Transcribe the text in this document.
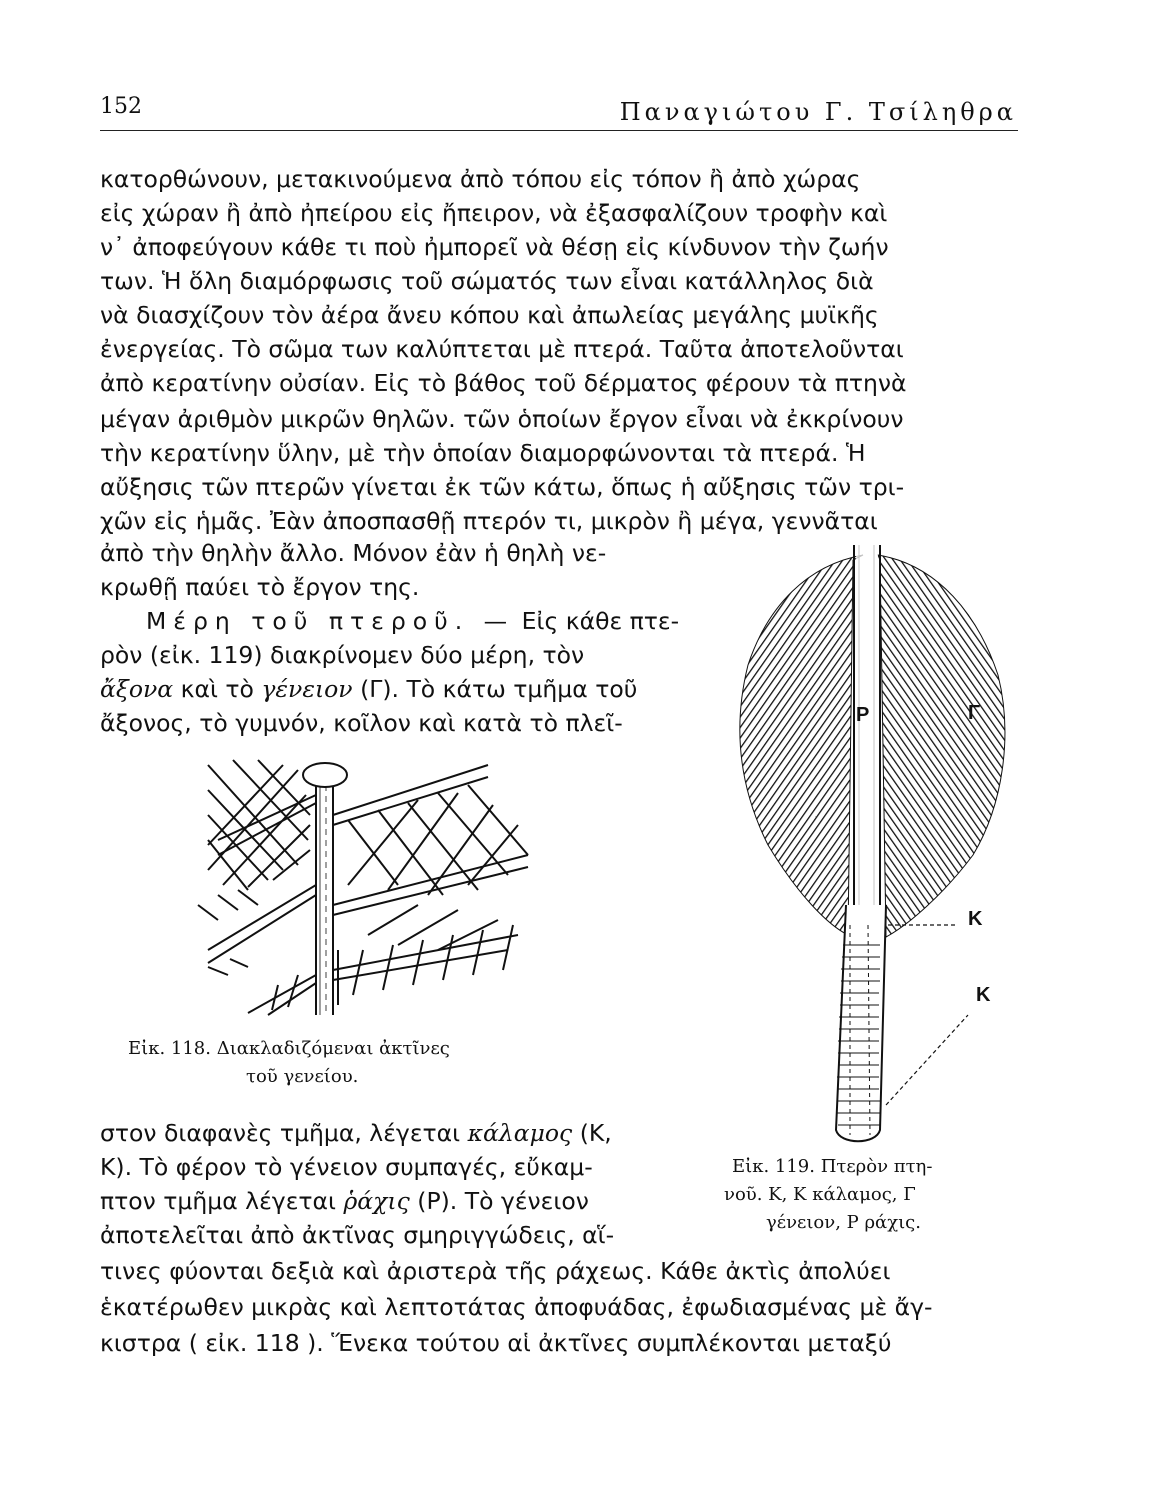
152	Παναγιώτου Γ. Τσίληθρα
κατορθώνουν, μετακινούμενα ἀπὸ τόπου εἰς τόπον ἢ ἀπὸ χώρας
εἰς χώραν ἢ ἀπὸ ἠπείρου εἰς ἤπειρον, νὰ ἐξασφαλίζουν τροφὴν καὶ
ν᾽ ἀποφεύγουν κάθε τι ποὺ ἠμπορεῖ νὰ θέσῃ εἰς κίνδυνον τὴν ζωήν
των. Ἡ ὅλη διαμόρφωσις τοῦ σώματός των εἶναι κατάλληλος διὰ
νὰ διασχίζουν τὸν ἀέρα ἄνευ κόπου καὶ ἀπωλείας μεγάλης μυϊκῆς
ἐνεργείας. Τὸ σῶμα των καλύπτεται μὲ πτερά. Ταῦτα ἀποτελοῦνται
ἀπὸ κερατίνην οὐσίαν. Εἰς τὸ βάθος τοῦ δέρματος φέρουν τὰ πτηνὰ
μέγαν ἀριθμὸν μικρῶν θηλῶν. τῶν ὁποίων ἔργον εἶναι νὰ ἐκκρίνουν
τὴν κερατίνην ὕλην, μὲ τὴν ὁποίαν διαμορφώνονται τὰ πτερά. Ἡ
αὔξησις τῶν πτερῶν γίνεται ἐκ τῶν κάτω, ὅπως ἡ αὔξησις τῶν τρι-
χῶν εἰς ἡμᾶς. Ἐὰν ἀποσπασθῇ πτερόν τι, μικρὸν ἢ μέγα, γεννᾶται
ἀπὸ τὴν θηλὴν ἄλλο. Μόνον ἐὰν ἡ θηλὴ νε-
κρωθῇ παύει τὸ ἔργον της.
Μέρη τοῦ πτεροῦ. — Εἰς κάθε πτε-
ρὸν (εἰκ. 119) διακρίνομεν δύο μέρη, τὸν
ἄξονα καὶ τὸ γένειον (Γ). Τὸ κάτω τμῆμα τοῦ
ἄξονος, τὸ γυμνόν, κοῖλον καὶ κατὰ τὸ πλεῖ-
Εἰκ. 118. Διακλαδιζόμεναι ἀκτῖνες
τοῦ γενείου.
Ρ	Γ
Κ
Κ
Εἰκ. 119. Πτερὸν πτη-
νοῦ. Κ, Κ κάλαμος, Γ
γένειον, Ρ ράχις.
στον διαφανὲς τμῆμα, λέγεται κάλαμος (Κ,
Κ). Τὸ φέρον τὸ γένειον συμπαγές, εὔκαμ-
πτον τμῆμα λέγεται ῥάχις (Ρ). Τὸ γένειον
ἀποτελεῖται ἀπὸ ἀκτῖνας σμηριγγώδεις, αἵ-
τινες φύονται δεξιὰ καὶ ἀριστερὰ τῆς ράχεως. Κάθε ἀκτὶς ἀπολύει
ἑκατέρωθεν μικρὰς καὶ λεπτοτάτας ἀποφυάδας, ἐφωδιασμένας μὲ ἄγ-
κιστρα ( εἰκ. 118 ). Ἕνεκα τούτου αἱ ἀκτῖνες συμπλέκονται μεταξύ
